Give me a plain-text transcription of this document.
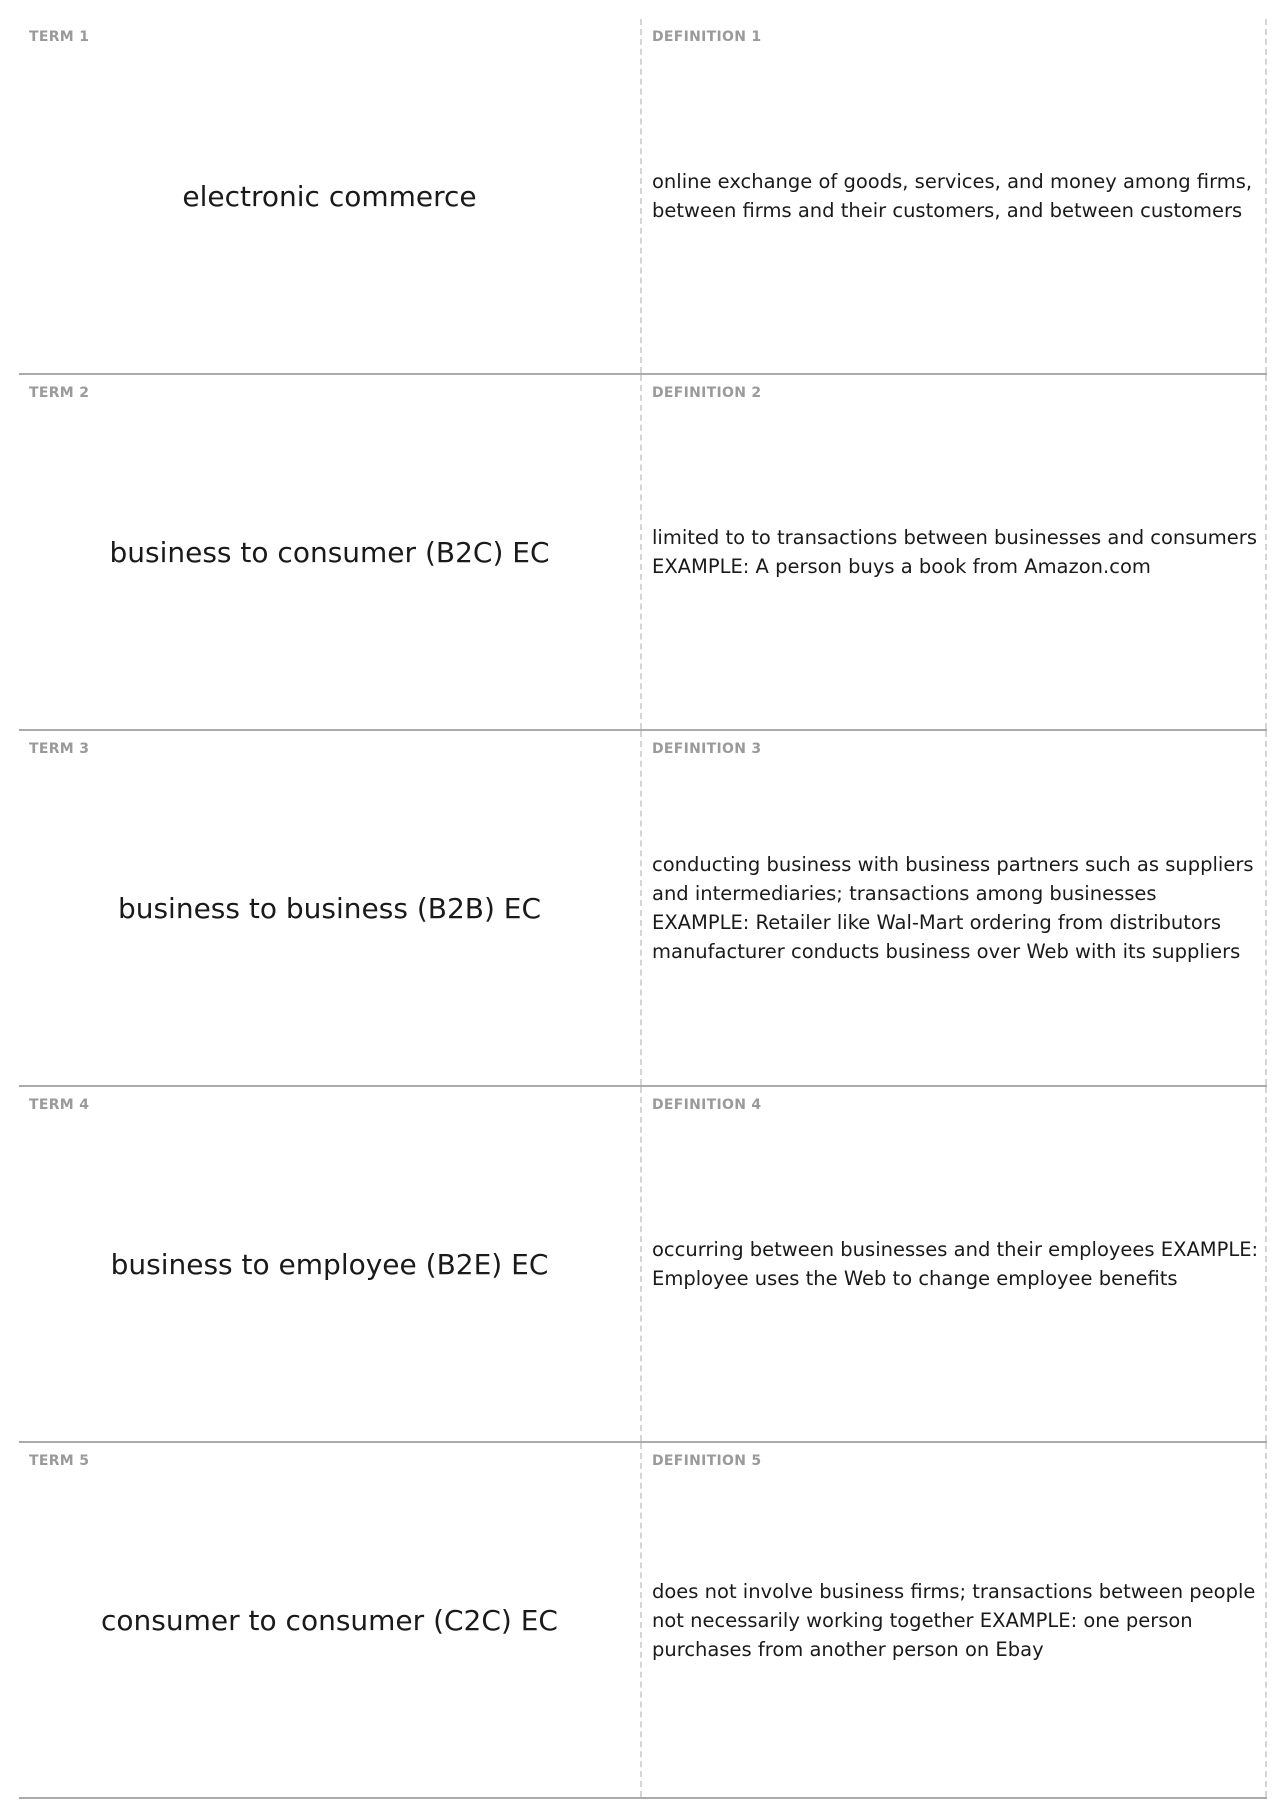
TERM 1
electronic commerce
DEFINITION 1
online exchange of goods, services, and money among firms, between firms and their customers, and between customers
TERM 2
business to consumer (B2C) EC
DEFINITION 2
limited to to transactions between businesses and consumers EXAMPLE: A person buys a book from Amazon.com
TERM 3
business to business (B2B) EC
DEFINITION 3
conducting business with business partners such as suppliers and intermediaries; transactions among businesses EXAMPLE: Retailer like Wal-Mart ordering from distributors manufacturer conducts business over Web with its suppliers
TERM 4
business to employee (B2E) EC
DEFINITION 4
occurring between businesses and their employees EXAMPLE: Employee uses the Web to change employee benefits
TERM 5
consumer to consumer (C2C) EC
DEFINITION 5
does not involve business firms; transactions between people not necessarily working together EXAMPLE: one person purchases from another person on Ebay
